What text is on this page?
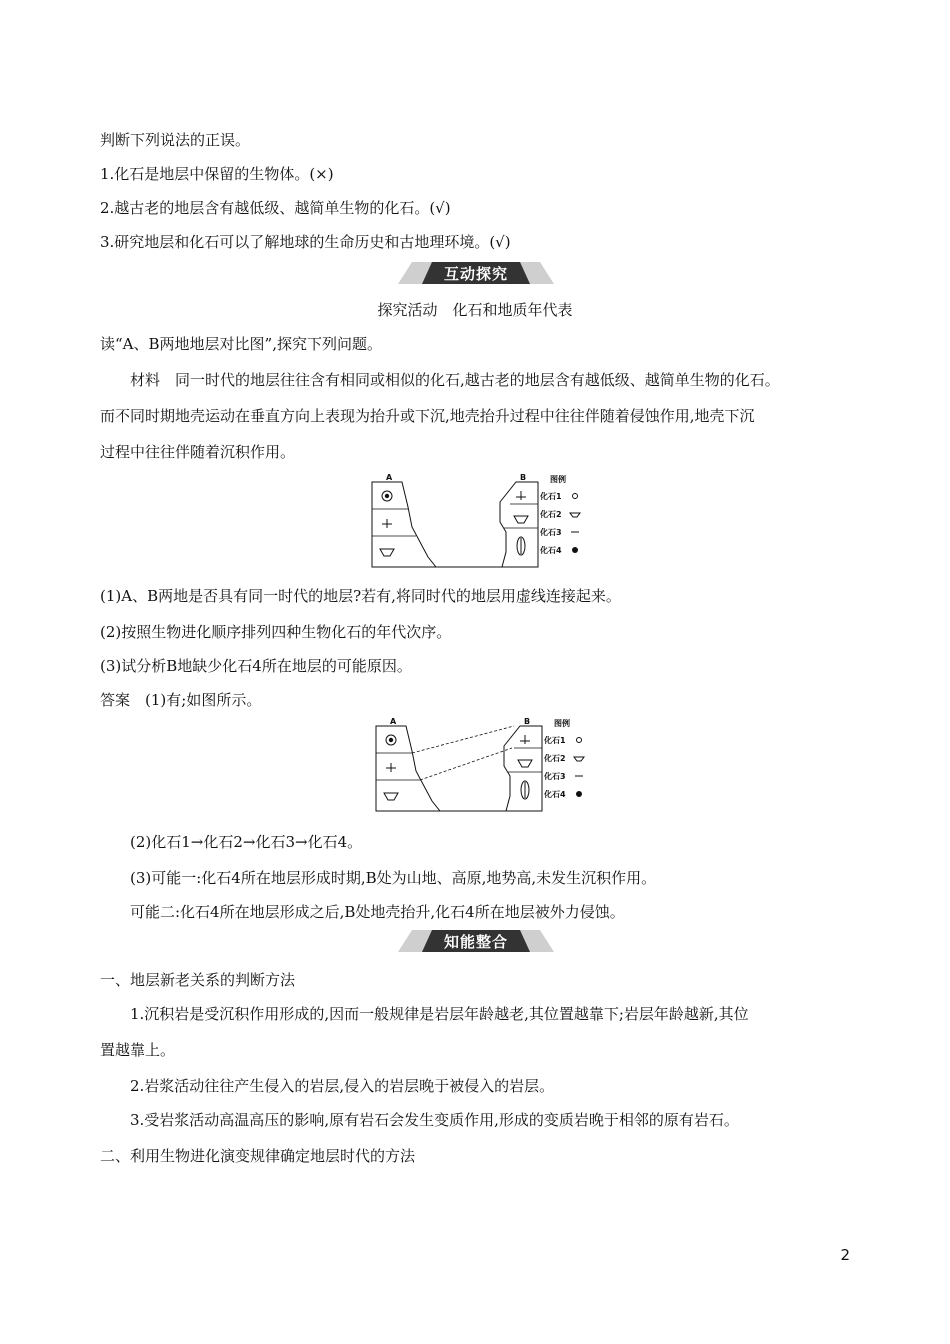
判断下列说法的正误。
1.化石是地层中保留的生物体。(×)
2.越古老的地层含有越低级、越简单生物的化石。(√)
3.研究地层和化石可以了解地球的生命历史和古地理环境。(√)
互动探究
探究活动　化石和地质年代表
读“A、B两地地层对比图”,探究下列问题。
材料　同一时代的地层往往含有相同或相似的化石,越古老的地层含有越低级、越简单生物的化石。
而不同时期地壳运动在垂直方向上表现为抬升或下沉,地壳抬升过程中往往伴随着侵蚀作用,地壳下沉
过程中往往伴随着沉积作用。
A	B	图例
化石1
化石2
化石3
化石4
(1)A、B两地是否具有同一时代的地层?若有,将同时代的地层用虚线连接起来。
(2)按照生物进化顺序排列四种生物化石的年代次序。
(3)试分析B地缺少化石4所在地层的可能原因。
答案　 (1)有;如图所示。
A	B	图例
化石1
化石2
化石3
化石4
(2)化石1→化石2→化石3→化石4。
(3)可能一:化石4所在地层形成时期,B处为山地、高原,地势高,未发生沉积作用。
可能二:化石4所在地层形成之后,B处地壳抬升,化石4所在地层被外力侵蚀。
知能整合
一、地层新老关系的判断方法
1.沉积岩是受沉积作用形成的,因而一般规律是岩层年龄越老,其位置越靠下;岩层年龄越新,其位
置越靠上。
2.岩浆活动往往产生侵入的岩层,侵入的岩层晚于被侵入的岩层。
3.受岩浆活动高温高压的影响,原有岩石会发生变质作用,形成的变质岩晚于相邻的原有岩石。
二、利用生物进化演变规律确定地层时代的方法
2
